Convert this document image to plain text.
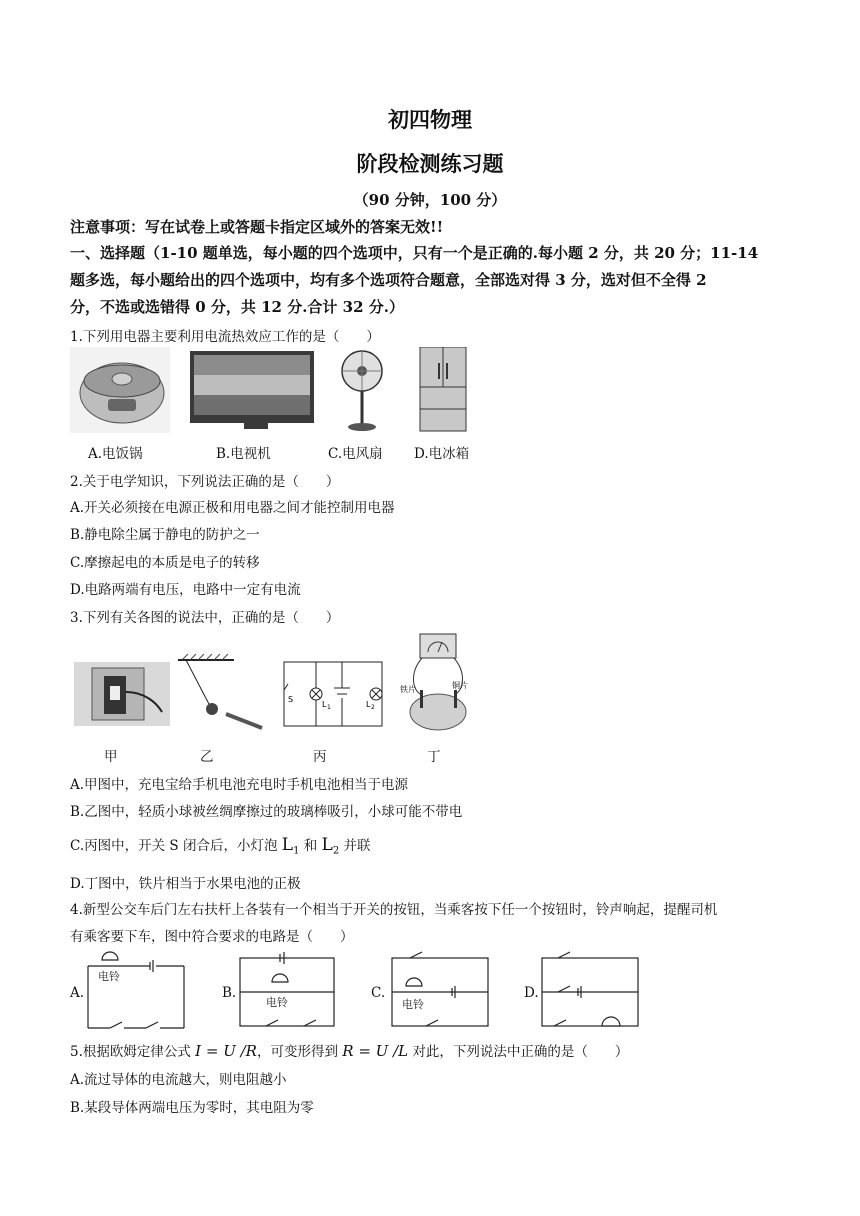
初四物理
阶段检测练习题
（90 分钟，100 分）
注意事项：写在试卷上或答题卡指定区域外的答案无效!!
一、选择题（1-10 题单选，每小题的四个选项中，只有一个是正确的.每小题 2 分，共 20 分；11-14
题多选，每小题给出的四个选项中，均有多个选项符合题意，全部选对得 3 分，选对但不全得 2
分，不选或选错得 0 分，共 12 分.合计 32 分.）
1.下列用电器主要利用电流热效应工作的是（　　）
A.电饭锅	B.电视机	C.电风扇 D.电冰箱
2.关于电学知识，下列说法正确的是（　　）
A.开关必须接在电源正极和用电器之间才能控制用电器
B.静电除尘属于静电的防护之一
C.摩擦起电的本质是电子的转移
D.电路两端有电压，电路中一定有电流
3.下列有关各图的说法中，正确的是（　　）
S
L 1	L 2
铁片	铜片
甲	乙	丙	丁
A.甲图中，充电宝给手机电池充电时手机电池相当于电源
B.乙图中，轻质小球被丝绸摩擦过的玻璃棒吸引，小球可能不带电
C.丙图中，开关 S 闭合后，小灯泡 $L_1$ 和 $L_2$ 并联
D.丁图中，铁片相当于水果电池的正极
4.新型公交车后门左右扶杆上各装有一个相当于开关的按钮，当乘客按下任一个按钮时，铃声响起，提醒司机
有乘客要下车，图中符合要求的电路是（　　）
A.	B.	C.	D.
电铃
电铃	电铃
5.根据欧姆定律公式 I = U /R，可变形得到 R = U /L 对此，下列说法中正确的是（　　）
A.流过导体的电流越大，则电阻越小
B.某段导体两端电压为零时，其电阻为零
